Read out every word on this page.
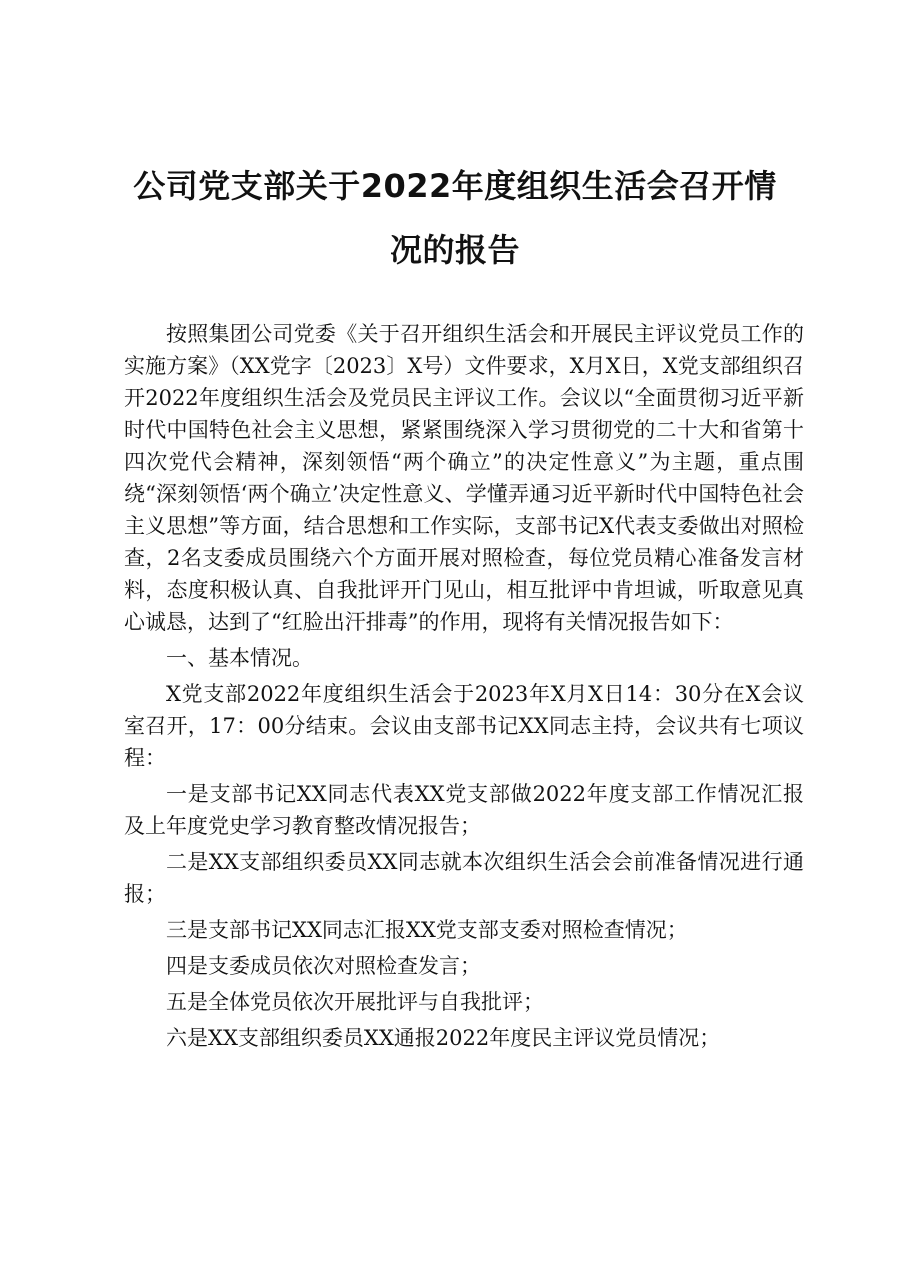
公司党支部关于2022年度组织生活会召开情
况的报告

按照集团公司党委《关于召开组织生活会和开展民主评议党员工作的实施方案》（XX党字〔2023〕X号）文件要求，X月X日，X党支部组织召开2022年度组织生活会及党员民主评议工作。会议以“全面贯彻习近平新时代中国特色社会主义思想，紧紧围绕深入学习贯彻党的二十大和省第十四次党代会精神，深刻领悟“两个确立”的决定性意义”为主题，重点围绕“深刻领悟‘两个确立’决定性意义、学懂弄通习近平新时代中国特色社会主义思想”等方面，结合思想和工作实际，支部书记X代表支委做出对照检查，2名支委成员围绕六个方面开展对照检查，每位党员精心准备发言材料，态度积极认真、自我批评开门见山，相互批评中肯坦诚，听取意见真心诚恳，达到了“红脸出汗排毒”的作用，现将有关情况报告如下：

一、基本情况。

X党支部2022年度组织生活会于2023年X月X日14：30分在X会议室召开，17：00分结束。会议由支部书记XX同志主持，会议共有七项议程：

一是支部书记XX同志代表XX党支部做2022年度支部工作情况汇报及上年度党史学习教育整改情况报告；

二是XX支部组织委员XX同志就本次组织生活会会前准备情况进行通报；

三是支部书记XX同志汇报XX党支部支委对照检查情况；

四是支委成员依次对照检查发言；

五是全体党员依次开展批评与自我批评；

六是XX支部组织委员XX通报2022年度民主评议党员情况；
